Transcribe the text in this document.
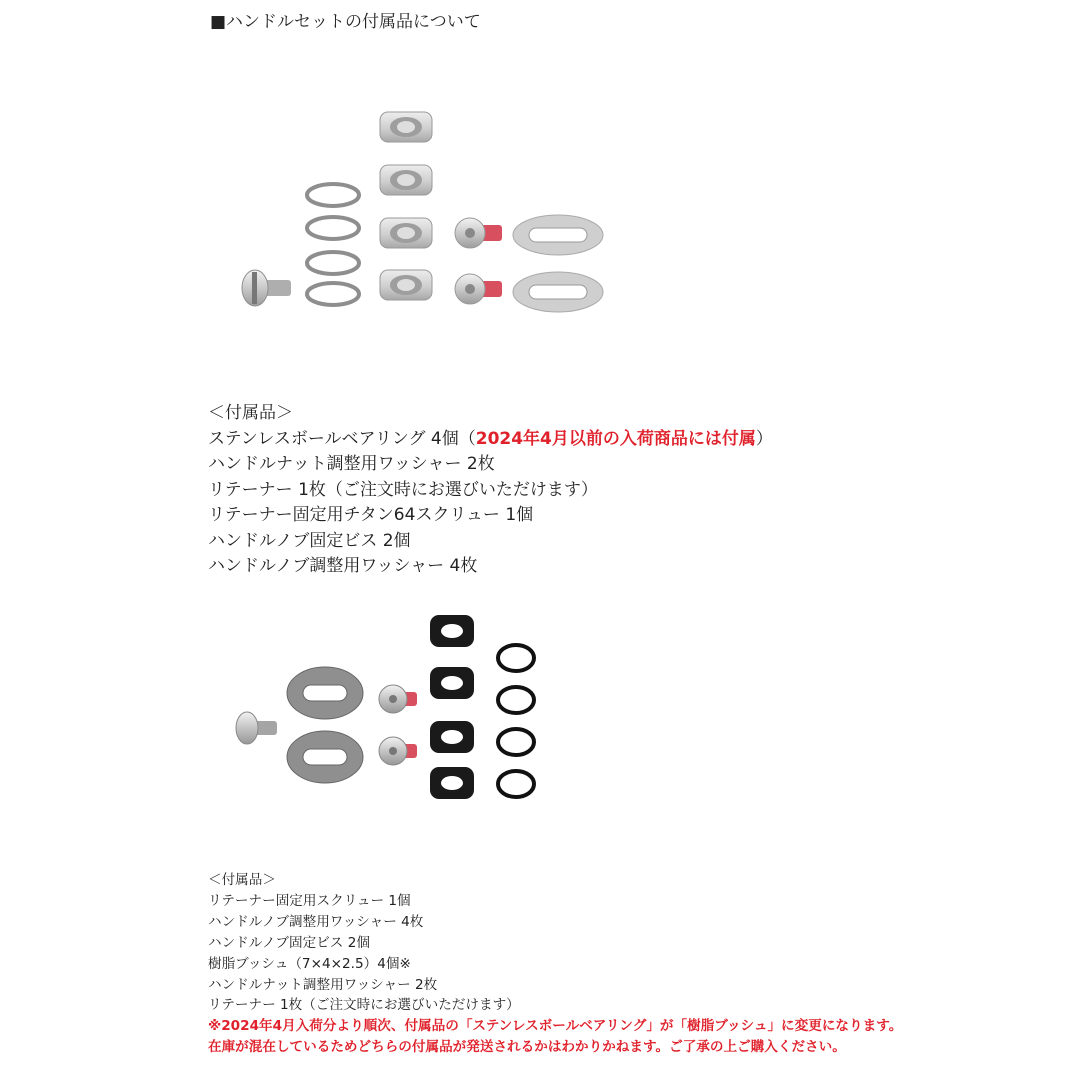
■ハンドルセットの付属品について
＜付属品＞
ステンレスボールベアリング 4個（2024年4月以前の入荷商品には付属）
ハンドルナット調整用ワッシャー 2枚
リテーナー 1枚（ご注文時にお選びいただけます）
リテーナー固定用チタン64スクリュー 1個
ハンドルノブ固定ビス 2個
ハンドルノブ調整用ワッシャー 4枚
＜付属品＞
リテーナー固定用スクリュー 1個
ハンドルノブ調整用ワッシャー 4枚
ハンドルノブ固定ビス 2個
樹脂ブッシュ（7×4×2.5）4個※
ハンドルナット調整用ワッシャー 2枚
リテーナー 1枚（ご注文時にお選びいただけます）
※2024年4月入荷分より順次、付属品の「ステンレスボールベアリング」が「樹脂ブッシュ」に変更になります。
在庫が混在しているためどちらの付属品が発送されるかはわかりかねます。ご了承の上ご購入ください。
